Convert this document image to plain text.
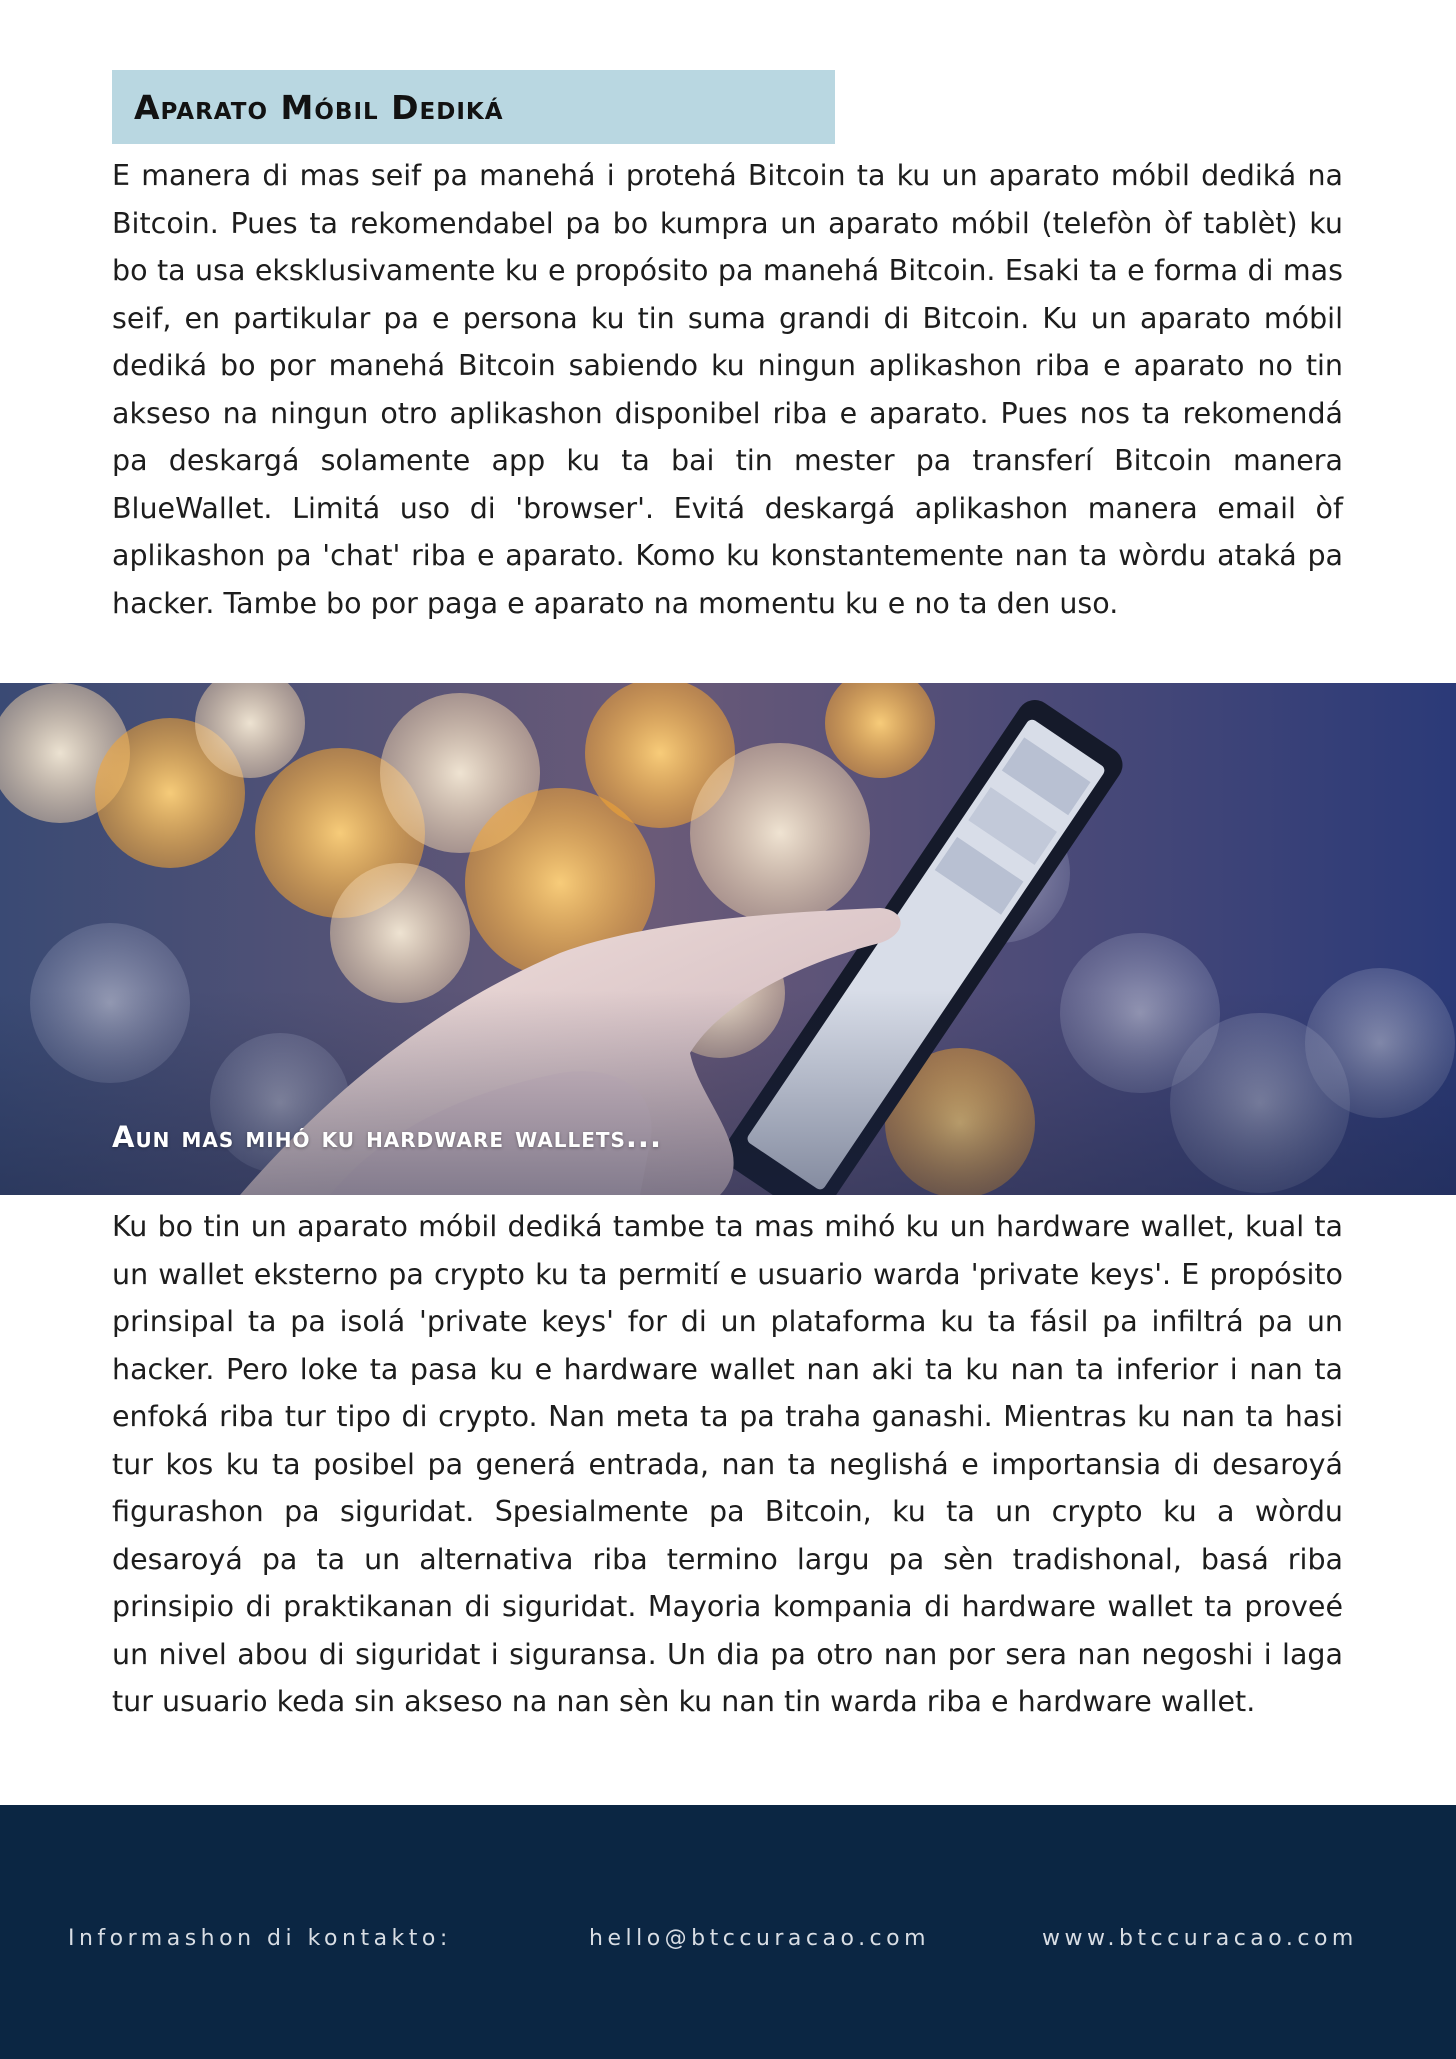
Aparato Móbil Dediká

E manera di mas seif pa manehá i protehá Bitcoin ta ku un aparato móbil dediká na Bitcoin. Pues ta rekomendabel pa bo kumpra un aparato móbil (telefòn òf tablèt) ku bo ta usa eksklusivamente ku e propósito pa manehá Bitcoin. Esaki ta e forma di mas seif, en partikular pa e persona ku tin suma grandi di Bitcoin. Ku un aparato móbil dediká bo por manehá Bitcoin sabiendo ku ningun aplikashon riba e aparato no tin akseso na ningun otro aplikashon disponibel riba e aparato. Pues nos ta rekomendá pa deskargá solamente app ku ta bai tin mester pa transferí Bitcoin manera BlueWallet. Limitá uso di 'browser'. Evitá deskargá aplikashon manera email òf aplikashon pa 'chat' riba e aparato. Komo ku konstantemente nan ta wòrdu ataká pa hacker. Tambe bo por paga e aparato na momentu ku e no ta den uso.

Aun mas mihó ku hardware wallets...

Ku bo tin un aparato móbil dediká tambe ta mas mihó ku un hardware wallet, kual ta un wallet eksterno pa crypto ku ta permití e usuario warda 'private keys'. E propósito prinsipal ta pa isolá 'private keys' for di un plataforma ku ta fásil pa infiltrá pa un hacker. Pero loke ta pasa ku e hardware wallet nan aki ta ku nan ta inferior i nan ta enfoká riba tur tipo di crypto. Nan meta ta pa traha ganashi. Mientras ku nan ta hasi tur kos ku ta posibel pa generá entrada, nan ta neglishá e importansia di desaroyá figurashon pa siguridat. Spesialmente pa Bitcoin, ku ta un crypto ku a wòrdu desaroyá pa ta un alternativa riba termino largu pa sèn tradishonal, basá riba prinsipio di praktikanan di siguridat. Mayoria kompania di hardware wallet ta proveé un nivel abou di siguridat i siguransa. Un dia pa otro nan por sera nan negoshi i laga tur usuario keda sin akseso na nan sèn ku nan tin warda riba e hardware wallet.

Informashon di kontakto:	hello@btccuracao.com	www.btccuracao.com
